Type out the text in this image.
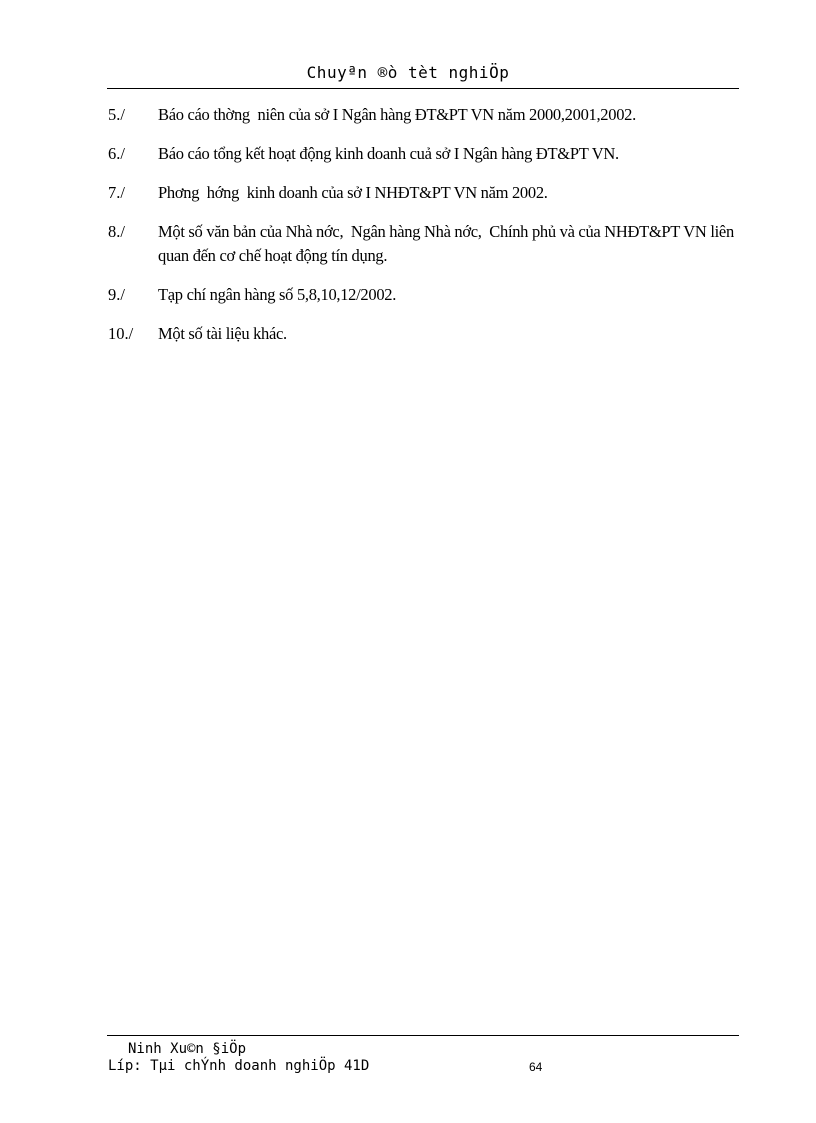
Chuyªn ®ò tèt nghiÖp
5./	Báo cáo thờng  niên của sở I Ngân hàng ĐT&PT VN năm 2000,2001,2002.
6./	Báo cáo tổng kết hoạt động kinh doanh cuả sở I Ngân hàng ĐT&PT VN.
7./	Phơng  hớng  kinh doanh của sở I NHĐT&PT VN năm 2002.
8./	Một số văn bản của Nhà nớc,  Ngân hàng Nhà nớc,  Chính phủ và của NHĐT&PT VN liên quan đến cơ chế hoạt động tín dụng.
9./	Tạp chí ngân hàng số 5,8,10,12/2002.
10./	Một số tài liệu khác.
Ninh Xu©n §iÖp
Líp: Tµi chÝnh doanh nghiÖp 41D	64
